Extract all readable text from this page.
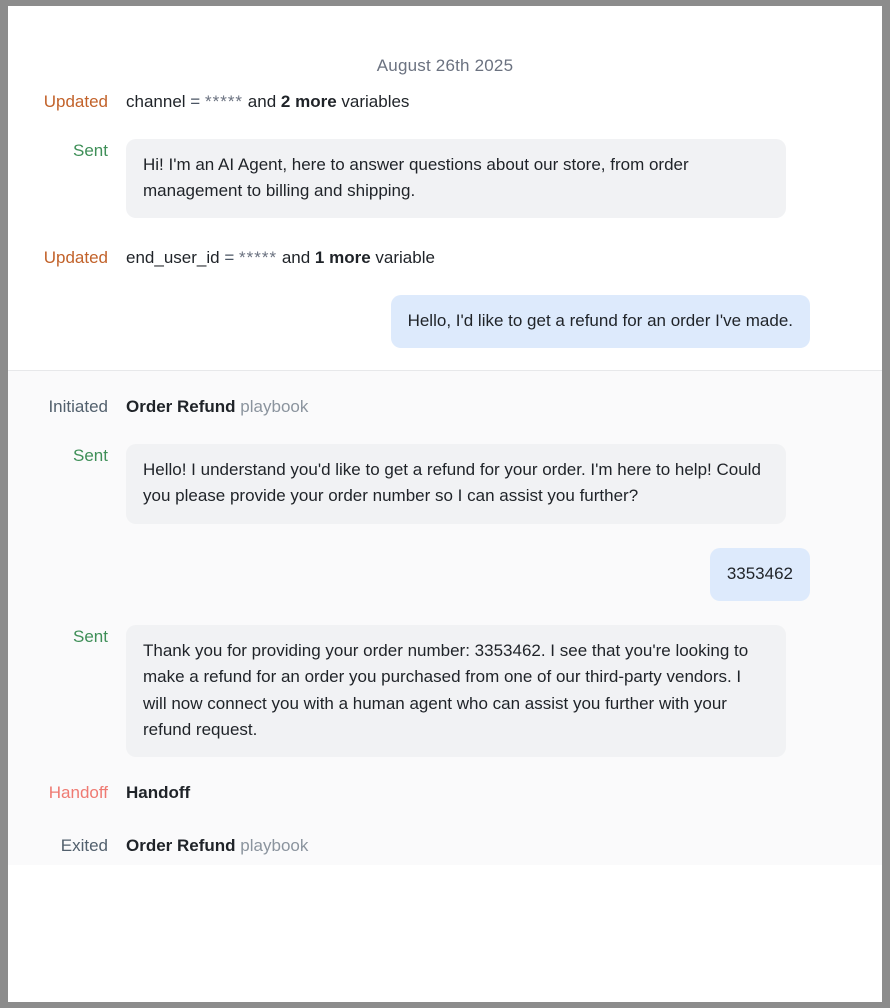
August 26th 2025
Updated	channel = ***** and 2 more variables
Sent
Hi! I'm an AI Agent, here to answer questions about our store, from order management to billing and shipping.
Updated	end_user_id = ***** and 1 more variable
Hello, I'd like to get a refund for an order I've made.
Initiated	Order Refund playbook
Sent
Hello! I understand you'd like to get a refund for your order. I'm here to help! Could you please provide your order number so I can assist you further?
3353462
Sent
Thank you for providing your order number: 3353462. I see that you're looking to make a refund for an order you purchased from one of our third-party vendors. I will now connect you with a human agent who can assist you further with your refund request.
Handoff	Handoff
Exited	Order Refund playbook
